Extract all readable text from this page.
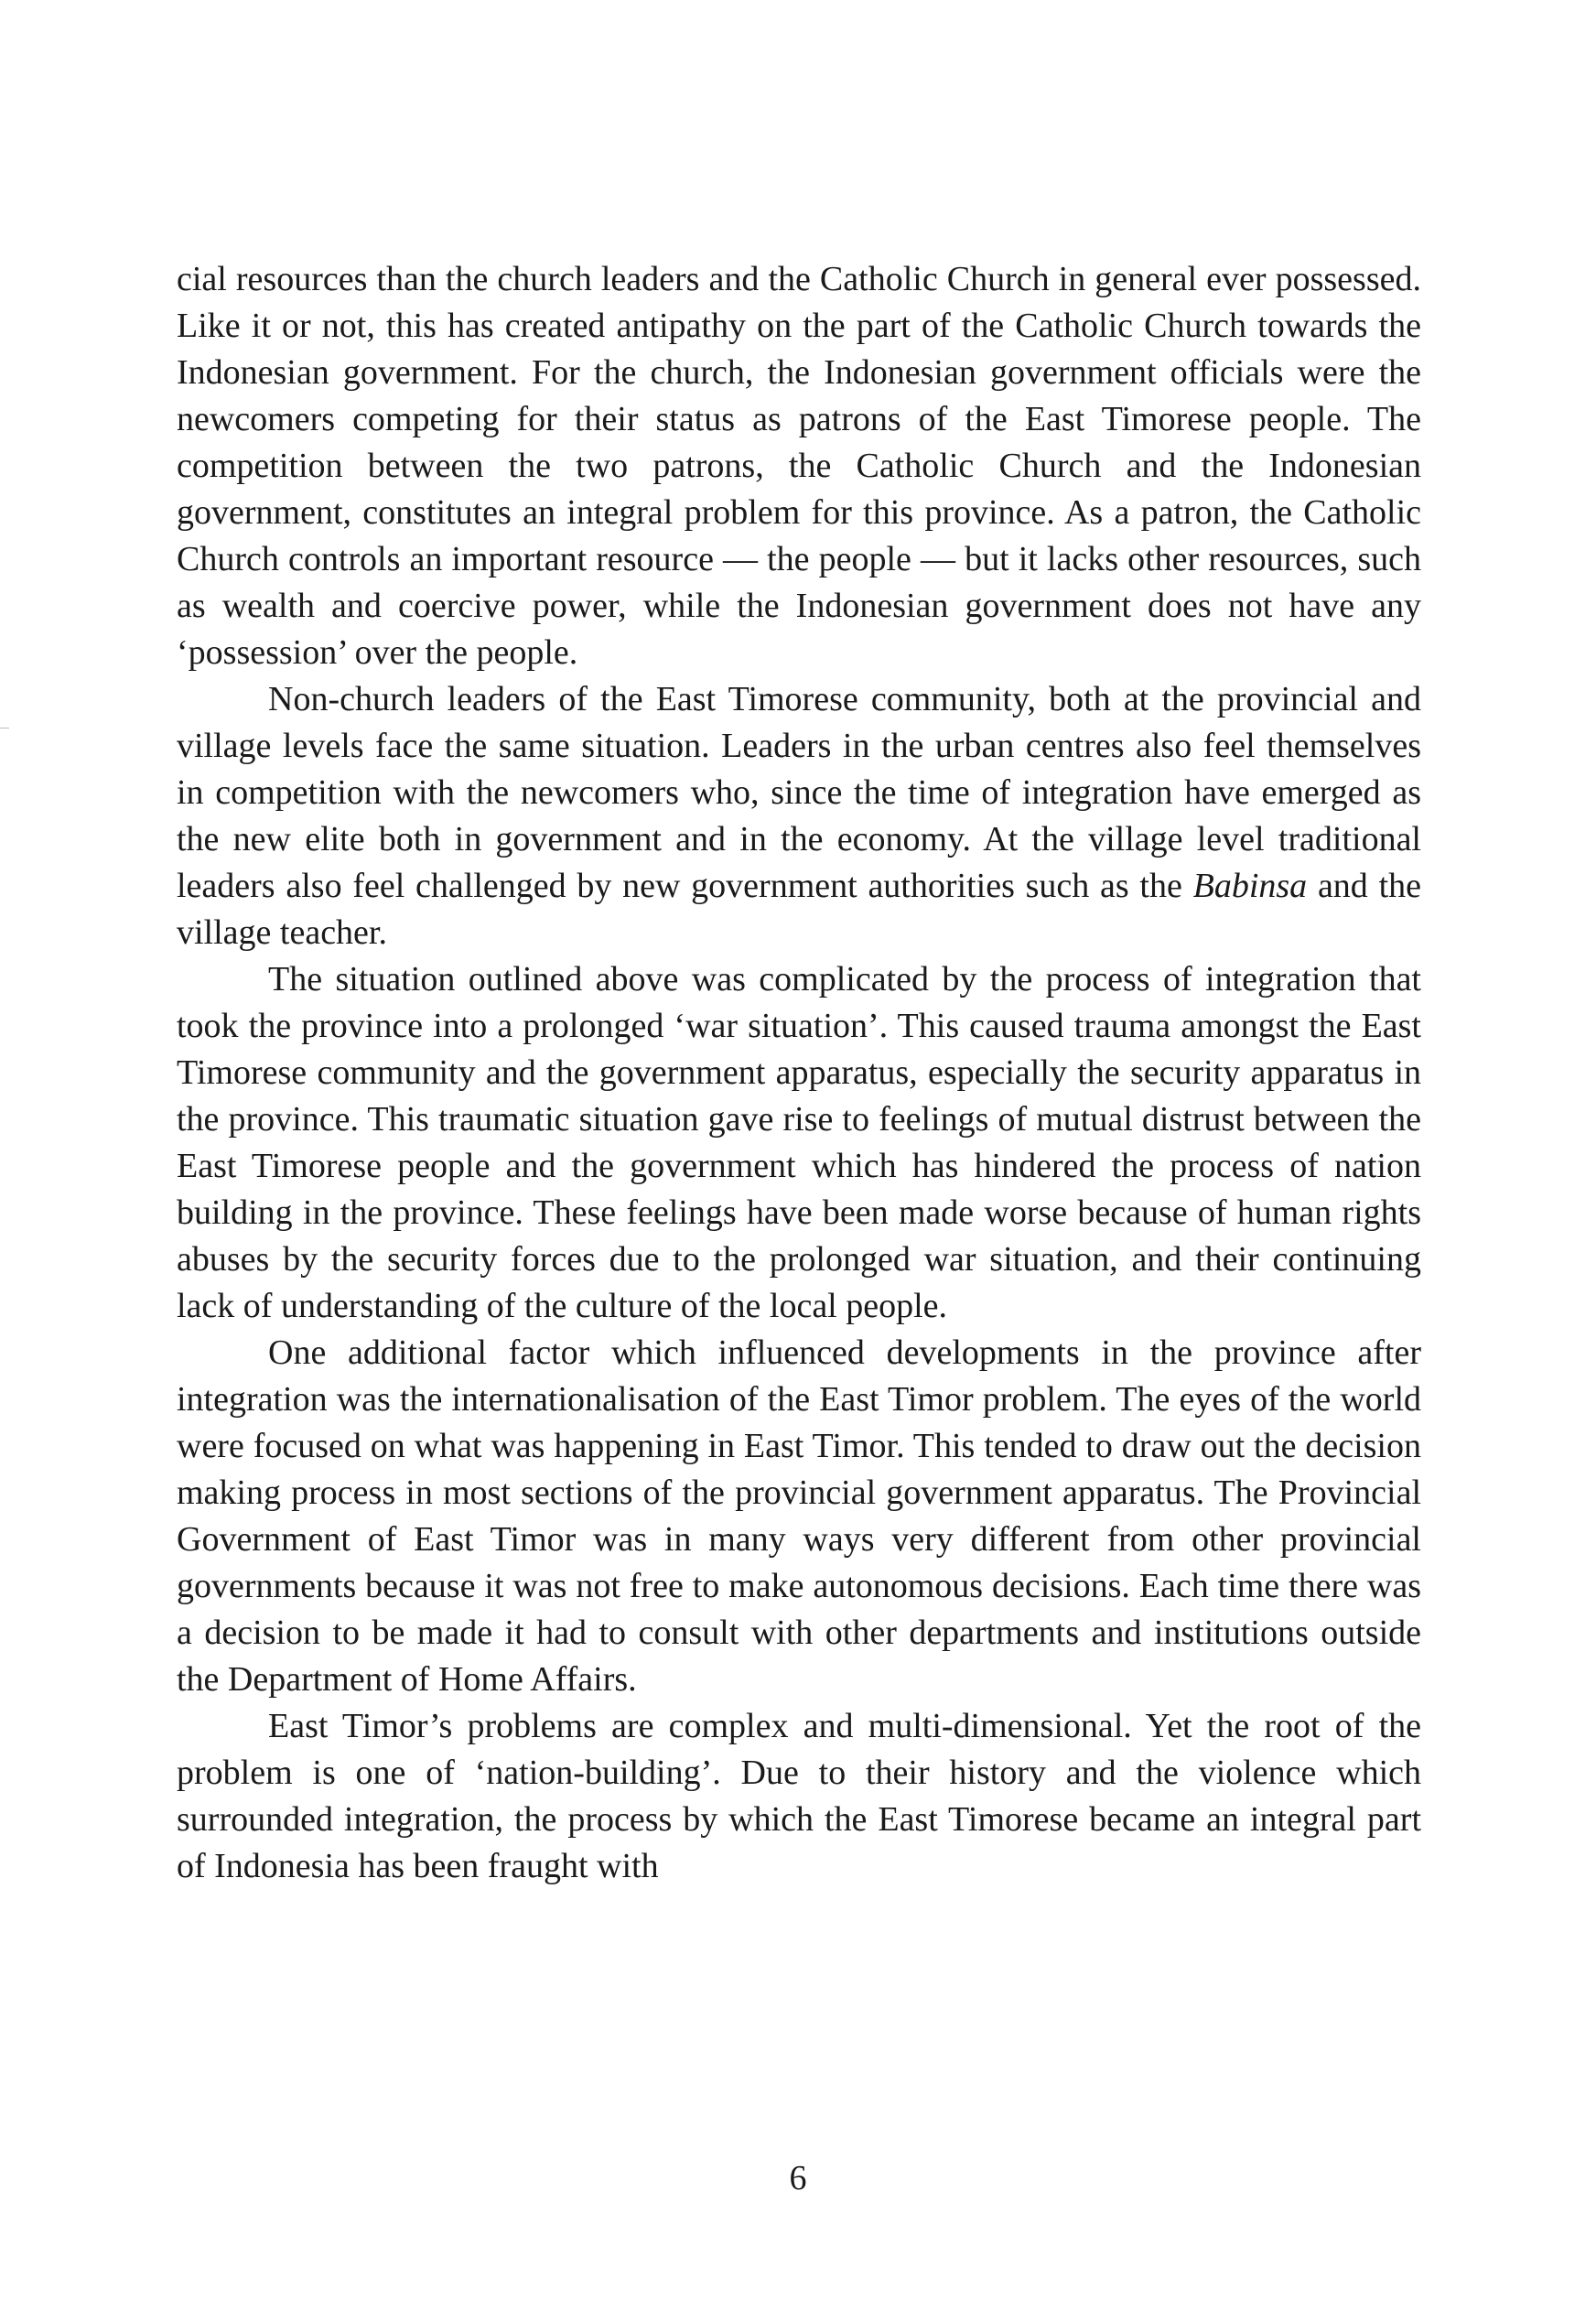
cial resources than the church leaders and the Catholic Church in general ever possessed. Like it or not, this has created antipathy on the part of the Catholic Church towards the Indonesian government. For the church, the Indonesian government officials were the newcomers competing for their status as patrons of the East Timorese people. The competition between the two patrons, the Catholic Church and the Indonesian government, constitutes an integral problem for this province. As a patron, the Catholic Church controls an important resource — the people — but it lacks other resources, such as wealth and coercive power, while the Indonesian government does not have any ‘possession’ over the people.

Non-church leaders of the East Timorese community, both at the provincial and village levels face the same situation. Leaders in the urban centres also feel themselves in competition with the newcomers who, since the time of integration have emerged as the new elite both in government and in the economy. At the village level traditional leaders also feel challenged by new government authorities such as the Babinsa and the village teacher.

The situation outlined above was complicated by the process of integration that took the province into a prolonged ‘war situation’. This caused trauma amongst the East Timorese community and the government apparatus, especially the security apparatus in the province. This traumatic situation gave rise to feelings of mutual distrust between the East Timorese people and the government which has hindered the process of nation building in the province. These feelings have been made worse because of human rights abuses by the security forces due to the prolonged war situation, and their continuing lack of understanding of the culture of the local people.

One additional factor which influenced developments in the province after integration was the internationalisation of the East Timor problem. The eyes of the world were focused on what was happening in East Timor. This tended to draw out the decision making process in most sections of the provincial government apparatus. The Provincial Government of East Timor was in many ways very different from other provincial governments because it was not free to make autonomous decisions. Each time there was a decision to be made it had to consult with other departments and institutions outside the Department of Home Affairs.

East Timor’s problems are complex and multi-dimensional. Yet the root of the problem is one of ‘nation-building’. Due to their history and the violence which surrounded integration, the process by which the East Timorese became an integral part of Indonesia has been fraught with

6
